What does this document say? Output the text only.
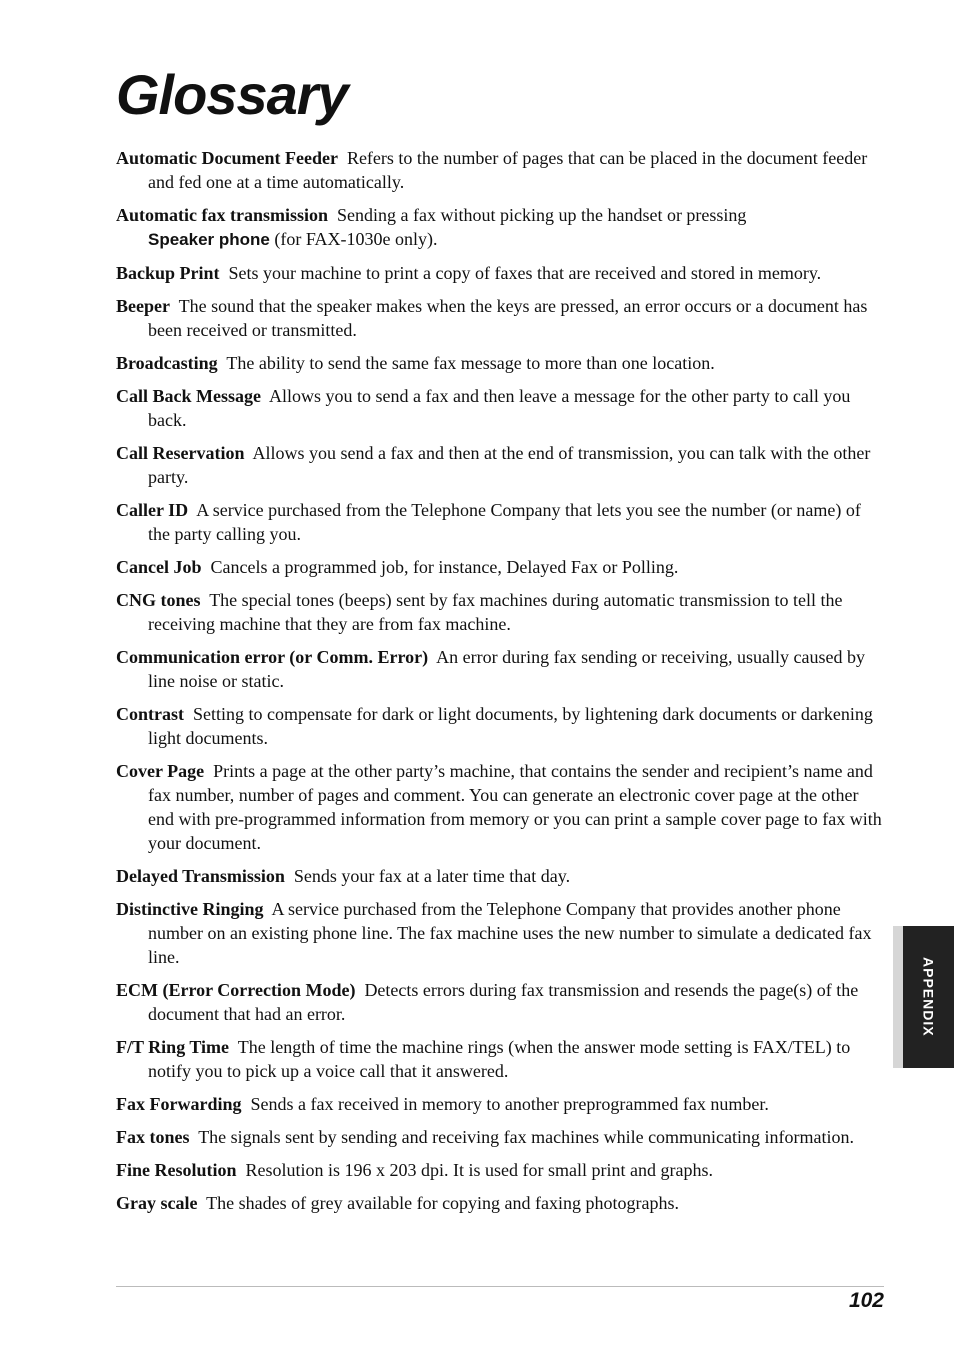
Glossary

Automatic Document Feeder Refers to the number of pages that can be placed in the document feeder and fed one at a time automatically.

Automatic fax transmission Sending a fax without picking up the handset or pressing
Speaker phone (for FAX-1030e only).

Backup Print Sets your machine to print a copy of faxes that are received and stored in memory.

Beeper The sound that the speaker makes when the keys are pressed, an error occurs or a document has been received or transmitted.

Broadcasting The ability to send the same fax message to more than one location.

Call Back Message Allows you to send a fax and then leave a message for the other party to call you back.

Call Reservation Allows you send a fax and then at the end of transmission, you can talk with the other party.

Caller ID A service purchased from the Telephone Company that lets you see the number (or name) of the party calling you.

Cancel Job Cancels a programmed job, for instance, Delayed Fax or Polling.

CNG tones The special tones (beeps) sent by fax machines during automatic transmission to tell the receiving machine that they are from fax machine.

Communication error (or Comm. Error) An error during fax sending or receiving, usually caused by line noise or static.

Contrast Setting to compensate for dark or light documents, by lightening dark documents or darkening light documents.

Cover Page Prints a page at the other party’s machine, that contains the sender and recipient’s name and fax number, number of pages and comment. You can generate an electronic cover page at the other end with pre-programmed information from memory or you can print a sample cover page to fax with your document.

Delayed Transmission Sends your fax at a later time that day.

Distinctive Ringing A service purchased from the Telephone Company that provides another phone number on an existing phone line. The fax machine uses the new number to simulate a dedicated fax line.

ECM (Error Correction Mode) Detects errors during fax transmission and resends the page(s) of the document that had an error.

F/T Ring Time The length of time the machine rings (when the answer mode setting is FAX/TEL) to notify you to pick up a voice call that it answered.

Fax Forwarding Sends a fax received in memory to another preprogrammed fax number.

Fax tones The signals sent by sending and receiving fax machines while communicating information.

Fine Resolution Resolution is 196 x 203 dpi. It is used for small print and graphs.

Gray scale The shades of grey available for copying and faxing photographs.

APPENDIX
102
